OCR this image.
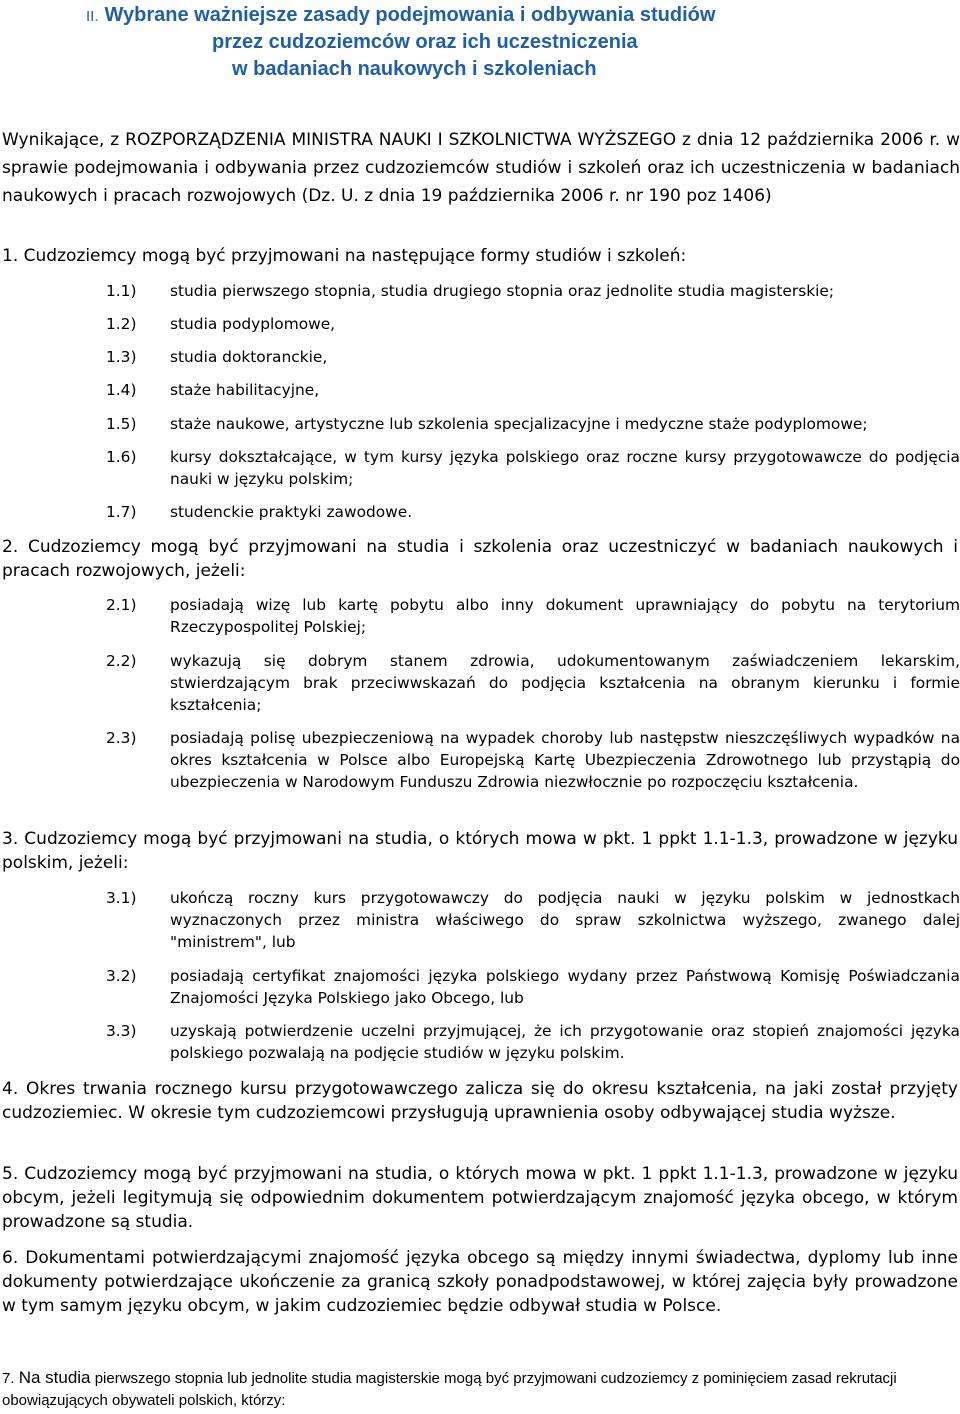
II. Wybrane ważniejsze zasady podejmowania i odbywania studiów
przez cudzoziemców oraz ich uczestniczenia
w badaniach naukowych i szkoleniach
Wynikające, z ROZPORZĄDZENIA MINISTRA NAUKI I SZKOLNICTWA WYŻSZEGO z dnia 12 października 2006 r. w sprawie podejmowania i odbywania przez cudzoziemców studiów i szkoleń oraz ich uczestniczenia w badaniach naukowych i pracach rozwojowych (Dz. U. z dnia 19 października 2006 r. nr 190 poz 1406)
1. Cudzoziemcy mogą być przyjmowani na następujące formy studiów i szkoleń:
1.1)	studia pierwszego stopnia, studia drugiego stopnia oraz jednolite studia magisterskie;
1.2)	studia podyplomowe,
1.3)	studia doktoranckie,
1.4)	staże habilitacyjne,
1.5)	staże naukowe, artystyczne lub szkolenia specjalizacyjne i medyczne staże podyplomowe;
1.6)	kursy dokształcające, w tym kursy języka polskiego oraz roczne kursy przygotowawcze do podjęcia nauki w języku polskim;
1.7)	studenckie praktyki zawodowe.
2. Cudzoziemcy mogą być przyjmowani na studia i szkolenia oraz uczestniczyć w badaniach naukowych i pracach rozwojowych, jeżeli:
2.1)	posiadają wizę lub kartę pobytu albo inny dokument uprawniający do pobytu na terytorium Rzeczypospolitej Polskiej;
2.2)	wykazują się dobrym stanem zdrowia, udokumentowanym zaświadczeniem lekarskim, stwierdzającym brak przeciwwskazań do podjęcia kształcenia na obranym kierunku i formie kształcenia;
2.3)	posiadają polisę ubezpieczeniową na wypadek choroby lub następstw nieszczęśliwych wypadków na okres kształcenia w Polsce albo Europejską Kartę Ubezpieczenia Zdrowotnego lub przystąpią do ubezpieczenia w Narodowym Funduszu Zdrowia niezwłocznie po rozpoczęciu kształcenia.
3. Cudzoziemcy mogą być przyjmowani na studia, o których mowa w pkt. 1 ppkt 1.1-1.3, prowadzone w języku polskim, jeżeli:
3.1)	ukończą roczny kurs przygotowawczy do podjęcia nauki w języku polskim w jednostkach wyznaczonych przez ministra właściwego do spraw szkolnictwa wyższego, zwanego dalej "ministrem", lub
3.2)	posiadają certyfikat znajomości języka polskiego wydany przez Państwową Komisję Poświadczania Znajomości Języka Polskiego jako Obcego, lub
3.3)	uzyskają potwierdzenie uczelni przyjmującej, że ich przygotowanie oraz stopień znajomości języka polskiego pozwalają na podjęcie studiów w języku polskim.
4. Okres trwania rocznego kursu przygotowawczego zalicza się do okresu kształcenia, na jaki został przyjęty cudzoziemiec. W okresie tym cudzoziemcowi przysługują uprawnienia osoby odbywającej studia wyższe.
5. Cudzoziemcy mogą być przyjmowani na studia, o których mowa w pkt. 1 ppkt 1.1-1.3, prowadzone w języku obcym, jeżeli legitymują się odpowiednim dokumentem potwierdzającym znajomość języka obcego, w którym prowadzone są studia.
6. Dokumentami potwierdzającymi znajomość języka obcego są między innymi świadectwa, dyplomy lub inne dokumenty potwierdzające ukończenie za granicą szkoły ponadpodstawowej, w której zajęcia były prowadzone w tym samym języku obcym, w jakim cudzoziemiec będzie odbywał studia w Polsce.
7. Na studia pierwszego stopnia lub jednolite studia magisterskie mogą być przyjmowani cudzoziemcy z pominięciem zasad rekrutacji obowiązujących obywateli polskich, którzy:
